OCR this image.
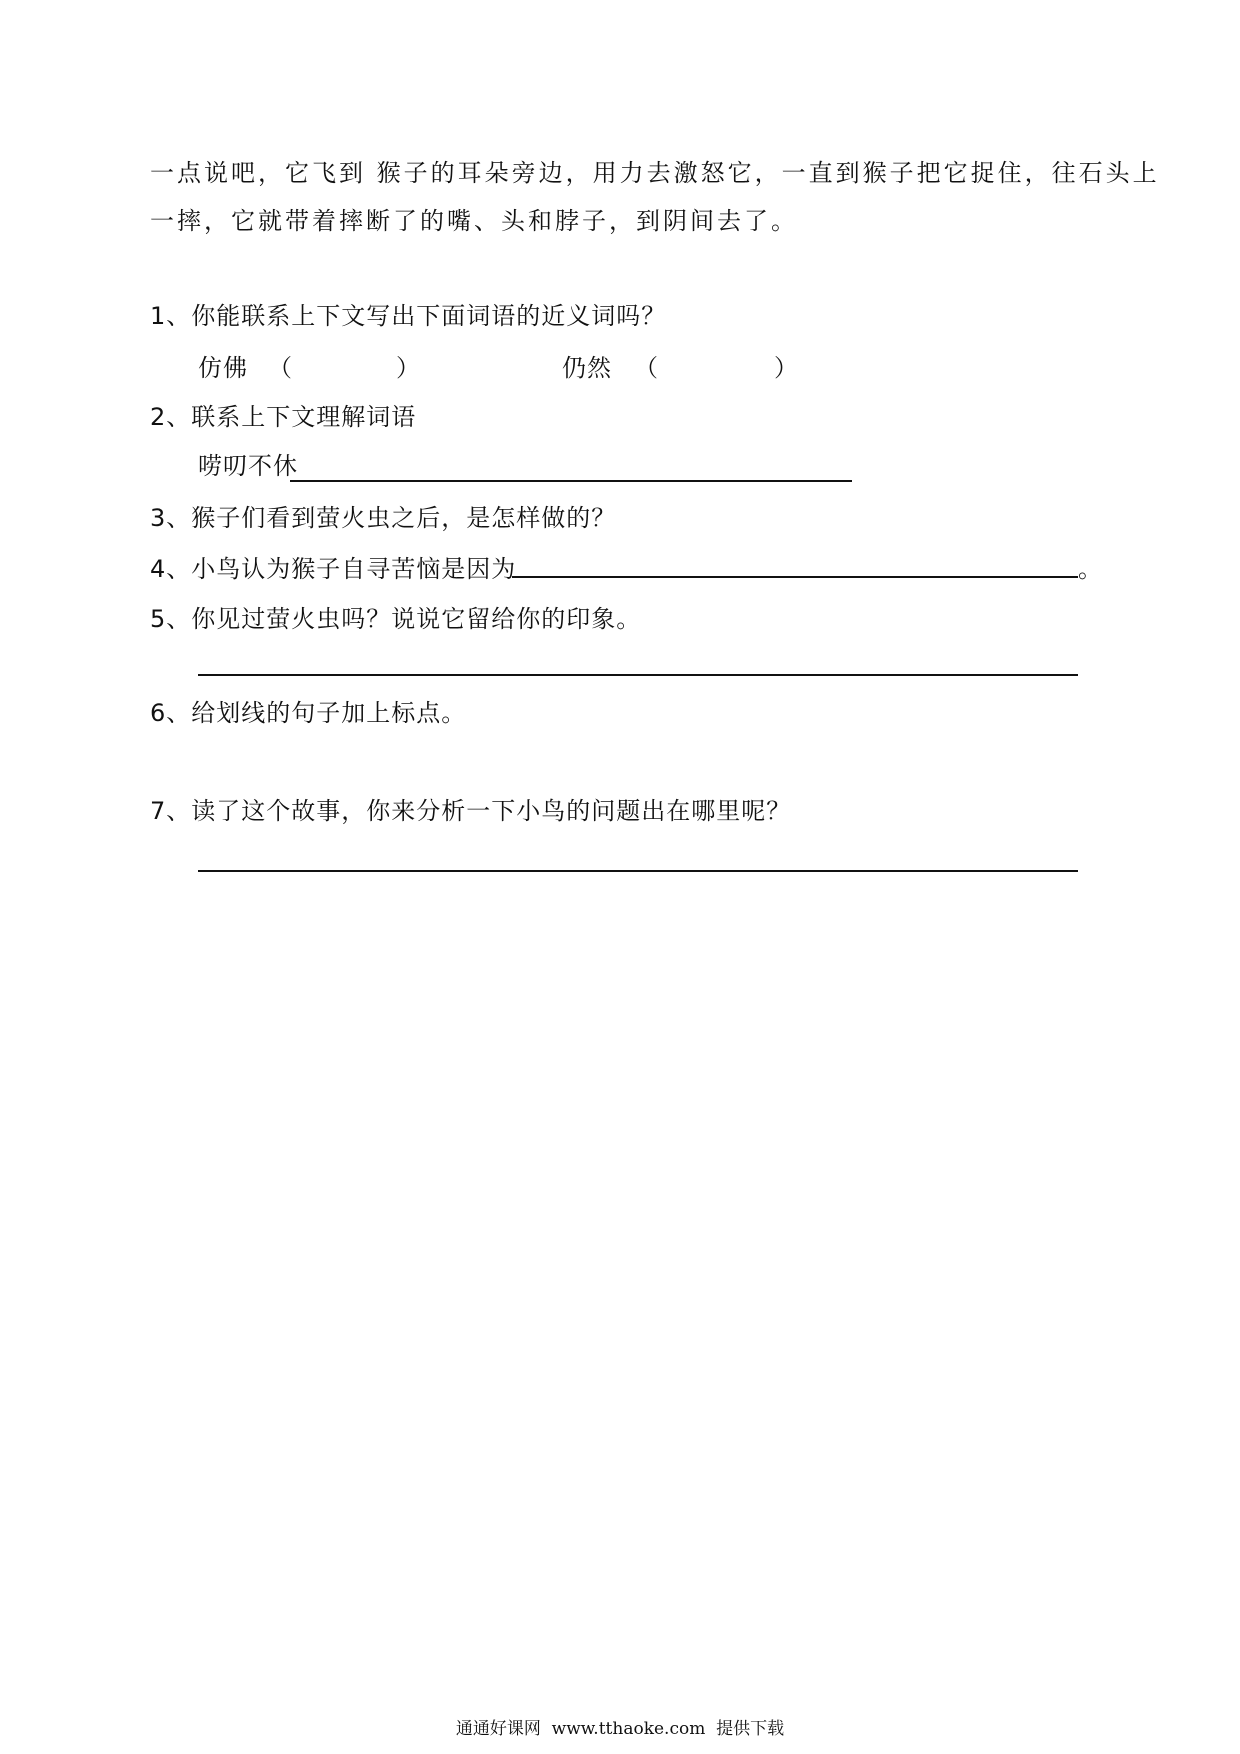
一点说吧，它飞到 猴子的耳朵旁边，用力去激怒它，一直到猴子把它捉住，往石头上
一摔，它就带着摔断了的嘴、头和脖子，到阴间去了。
1、你能联系上下文写出下面词语的近义词吗？
仿佛 （	）	仍然 （	）
2、联系上下文理解词语
唠叨不休
3、猴子们看到萤火虫之后，是怎样做的？
4、小鸟认为猴子自寻苦恼是因为	。
5、你见过萤火虫吗？说说它留给你的印象。
6、给划线的句子加上标点。
7、读了这个故事，你来分析一下小鸟的问题出在哪里呢？
通通好课网  www.tthaoke.com  提供下载
